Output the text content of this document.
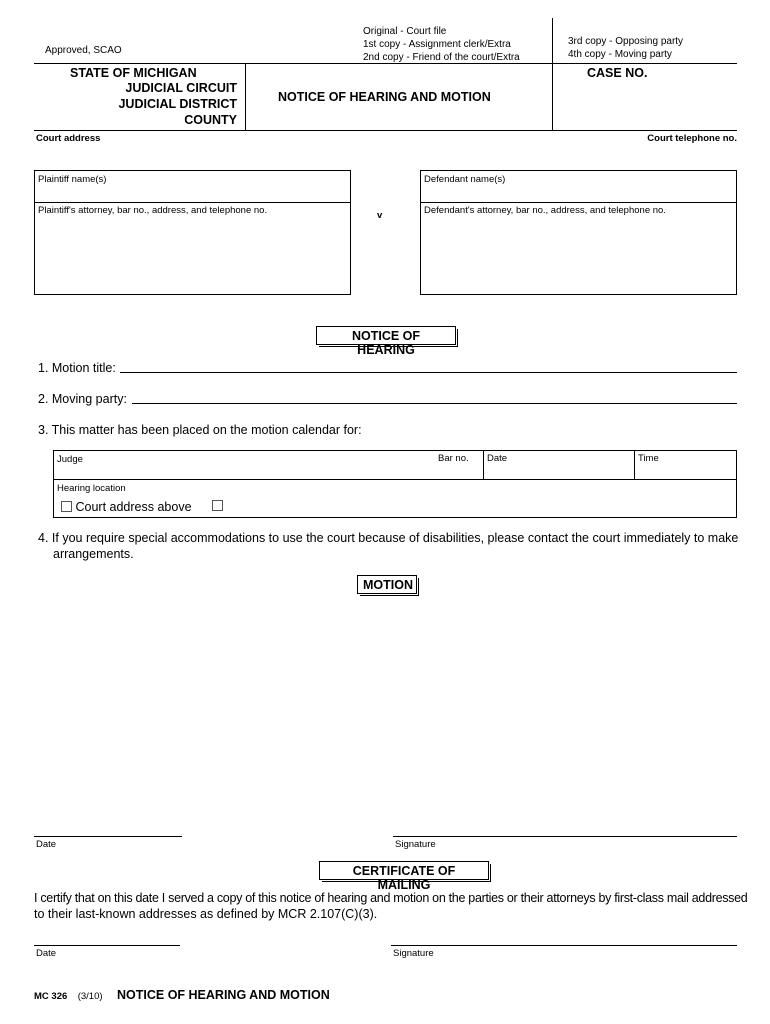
Approved, SCAO
Original - Court file
1st copy - Assignment clerk/Extra
2nd copy - Friend of the court/Extra
3rd copy - Opposing party
4th copy - Moving party
STATE OF MICHIGAN
JUDICIAL CIRCUIT
JUDICIAL DISTRICT
COUNTY
NOTICE OF HEARING AND MOTION
CASE NO.
Court address	Court telephone no.
Plaintiff name(s)
Plaintiff's attorney, bar no., address, and telephone no.	v
Defendant name(s)
Defendant's attorney, bar no., address, and telephone no.
NOTICE OF HEARING
1. Motion title:
2. Moving party:
3. This matter has been placed on the motion calendar for:
Judge	Bar no. Date	Time
Hearing location
Court address above
4. If you require special accommodations to use the court because of disabilities, please contact the court immediately to make
arrangements.
MOTION
Date	Signature
CERTIFICATE OF MAILING
I certify that on this date I served a copy of this notice of hearing and motion on the parties or their attorneys by first-class mail addressed
to their last-known addresses as defined by MCR 2.107(C)(3).
Date	Signature
MC 326 (3/10) NOTICE OF HEARING AND MOTION
